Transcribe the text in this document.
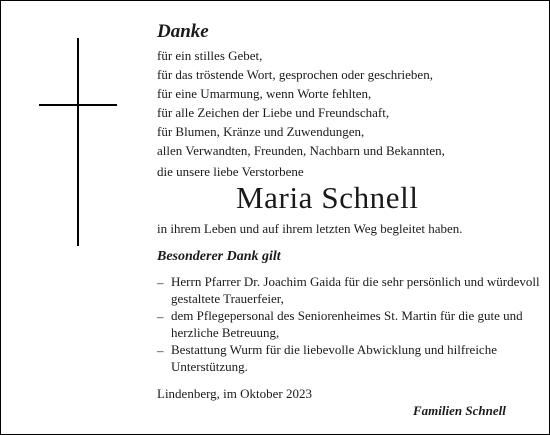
Danke
für ein stilles Gebet,
für das tröstende Wort, gesprochen oder geschrieben,
für eine Umarmung, wenn Worte fehlten,
für alle Zeichen der Liebe und Freundschaft,
für Blumen, Kränze und Zuwendungen,
allen Verwandten, Freunden, Nachbarn und Bekannten,
die unsere liebe Verstorbene
Maria Schnell
in ihrem Leben und auf ihrem letzten Weg begleitet haben.
Besonderer Dank gilt
– Herrn Pfarrer Dr. Joachim Gaida für die sehr persönlich und würdevoll gestaltete Trauerfeier,
– dem Pflegepersonal des Seniorenheimes St. Martin für die gute und herzliche Betreuung,
– Bestattung Wurm für die liebevolle Abwicklung und hilfreiche Unterstützung.
Lindenberg, im Oktober 2023
Familien Schnell
